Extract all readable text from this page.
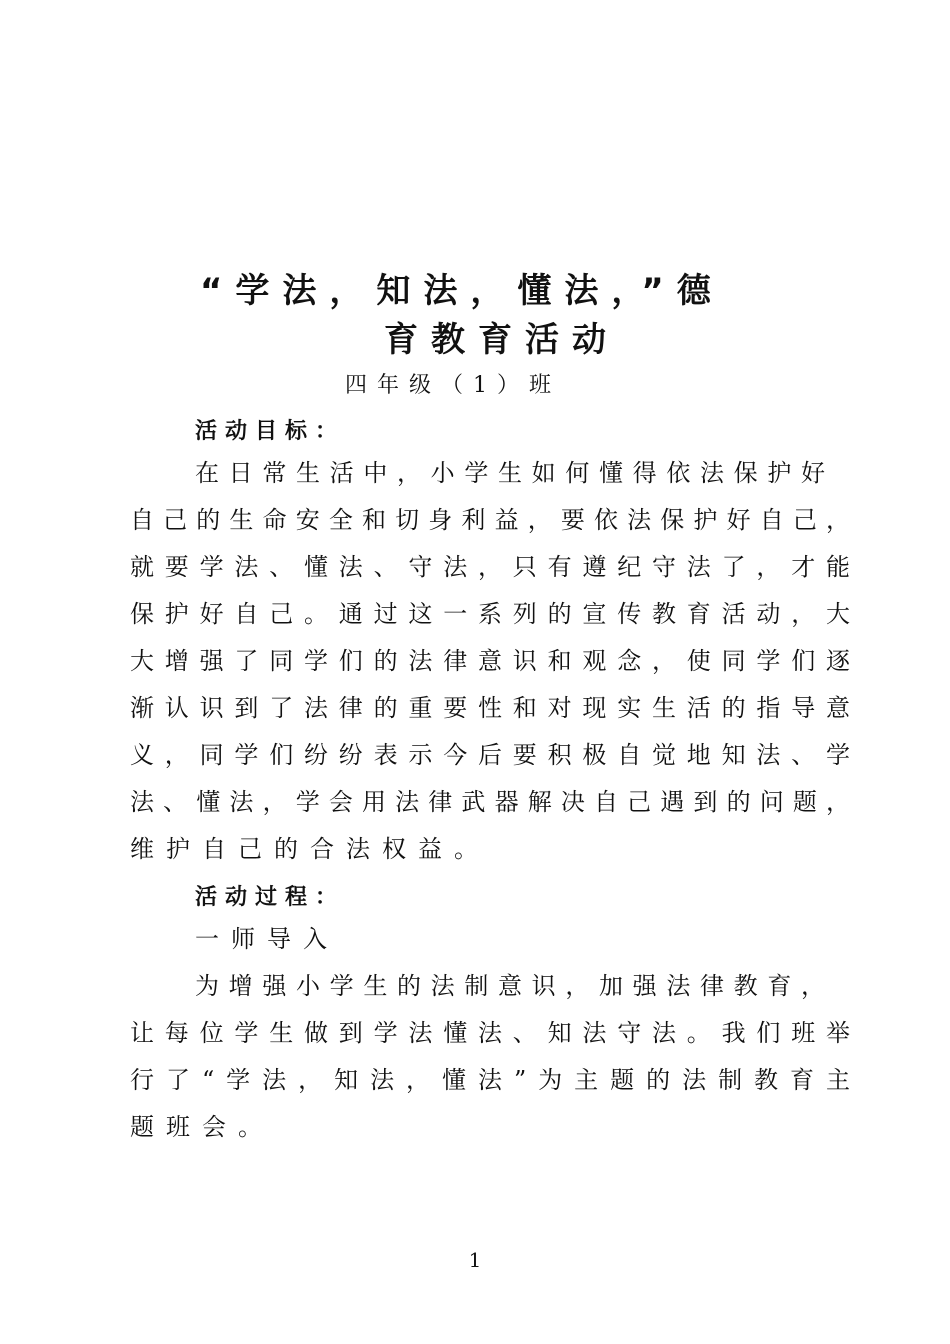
“学法，知法，懂法，”德
育教育活动
四年级（1）班
活动目标：
在日常生活中，小学生如何懂得依法保护好
自己的生命安全和切身利益，要依法保护好自己，
就要学法、懂法、守法，只有遵纪守法了，才能
保护好自己。通过这一系列的宣传教育活动，大
大增强了同学们的法律意识和观念，使同学们逐
渐认识到了法律的重要性和对现实生活的指导意
义，同学们纷纷表示今后要积极自觉地知法、学
法、懂法，学会用法律武器解决自己遇到的问题，
维护自己的合法权益。
活动过程：
一师导入
为增强小学生的法制意识，加强法律教育，
让每位学生做到学法懂法、知法守法。我们班举
行了“学法，知法，懂法”为主题的法制教育主
题班会。
1
